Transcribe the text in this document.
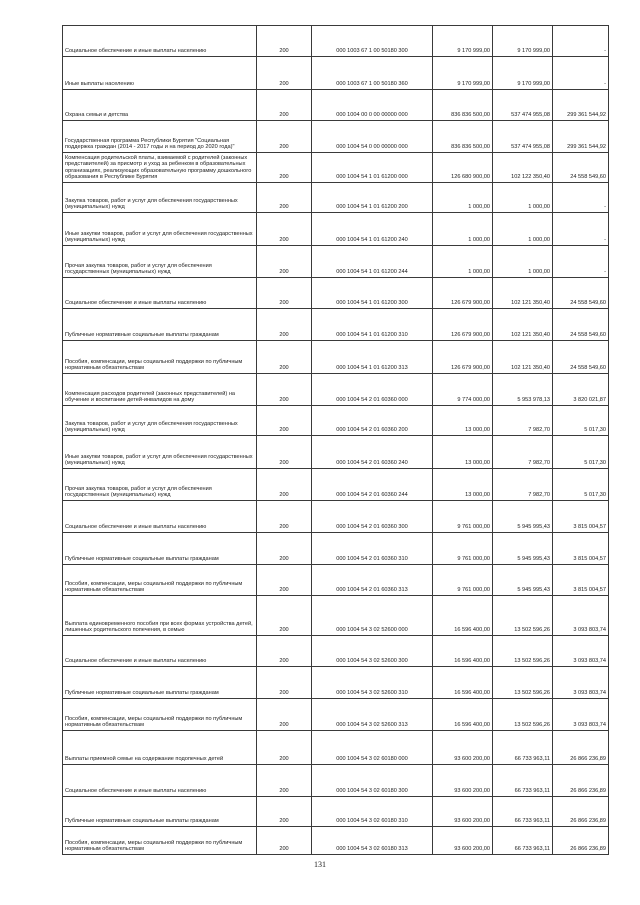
Социальное обеспечение и иные выплаты населению	200	000 1003 67 1 00 50180 300	9 170 999,00	9 170 999,00	-
Иные выплаты населению	200	000 1003 67 1 00 50180 360	9 170 999,00	9 170 999,00	-
Охрана семьи и детства	200	000 1004 00 0 00 00000 000	836 836 500,00	537 474 955,08	299 361 544,92
Государственная программа Республики Бурятия "Социальная поддержка граждан (2014 - 2017 годы и на период до 2020 года)"	200	000 1004 54 0 00 00000 000	836 836 500,00	537 474 955,08	299 361 544,92
Компенсация родительской платы, взимаемой с родителей (законных представителей) за присмотр и уход за ребенком в образовательных организациях, реализующих образовательную программу дошкольного образования в Республике Бурятия	200	000 1004 54 1 01 61200 000	126 680 900,00	102 122 350,40	24 558 549,60
Закупка товаров, работ и услуг для обеспечения государственных (муниципальных) нужд	200	000 1004 54 1 01 61200 200	1 000,00	1 000,00	-
Иные закупки товаров, работ и услуг для обеспечения государственных (муниципальных) нужд	200	000 1004 54 1 01 61200 240	1 000,00	1 000,00	-
Прочая закупка товаров, работ и услуг для обеспечения государственных (муниципальных) нужд	200	000 1004 54 1 01 61200 244	1 000,00	1 000,00	-
Социальное обеспечение и иные выплаты населению	200	000 1004 54 1 01 61200 300	126 679 900,00	102 121 350,40	24 558 549,60
Публичные нормативные социальные выплаты гражданам	200	000 1004 54 1 01 61200 310	126 679 900,00	102 121 350,40	24 558 549,60
Пособия, компенсации, меры социальной поддержки по публичным нормативным обязательствам	200	000 1004 54 1 01 61200 313	126 679 900,00	102 121 350,40	24 558 549,60
Компенсация расходов родителей (законных представителей) на обучение и воспитание детей-инвалидов на дому	200	000 1004 54 2 01 60360 000	9 774 000,00	5 953 978,13	3 820 021,87
Закупка товаров, работ и услуг для обеспечения государственных (муниципальных) нужд	200	000 1004 54 2 01 60360 200	13 000,00	7 982,70	5 017,30
Иные закупки товаров, работ и услуг для обеспечения государственных (муниципальных) нужд	200	000 1004 54 2 01 60360 240	13 000,00	7 982,70	5 017,30
Прочая закупка товаров, работ и услуг для обеспечения государственных (муниципальных) нужд	200	000 1004 54 2 01 60360 244	13 000,00	7 982,70	5 017,30
Социальное обеспечение и иные выплаты населению	200	000 1004 54 2 01 60360 300	9 761 000,00	5 945 995,43	3 815 004,57
Публичные нормативные социальные выплаты гражданам	200	000 1004 54 2 01 60360 310	9 761 000,00	5 945 995,43	3 815 004,57
Пособия, компенсации, меры социальной поддержки по публичным нормативным обязательствам	200	000 1004 54 2 01 60360 313	9 761 000,00	5 945 995,43	3 815 004,57
Выплата единовременного пособия при всех формах устройства детей, лишенных родительского попечения, в семью	200	000 1004 54 3 02 52600 000	16 596 400,00	13 502 596,26	3 093 803,74
Социальное обеспечение и иные выплаты населению	200	000 1004 54 3 02 52600 300	16 596 400,00	13 502 596,26	3 093 803,74
Публичные нормативные социальные выплаты гражданам	200	000 1004 54 3 02 52600 310	16 596 400,00	13 502 596,26	3 093 803,74
Пособия, компенсации, меры социальной поддержки по публичным нормативным обязательствам	200	000 1004 54 3 02 52600 313	16 596 400,00	13 502 596,26	3 093 803,74
Выплаты приемной семье на содержание подопечных детей	200	000 1004 54 3 02 60180 000	93 600 200,00	66 733 963,11	26 866 236,89
Социальное обеспечение и иные выплаты населению	200	000 1004 54 3 02 60180 300	93 600 200,00	66 733 963,11	26 866 236,89
Публичные нормативные социальные выплаты гражданам	200	000 1004 54 3 02 60180 310	93 600 200,00	66 733 963,11	26 866 236,89
Пособия, компенсации, меры социальной поддержки по публичным нормативным обязательствам	200	000 1004 54 3 02 60180 313	93 600 200,00	66 733 963,11	26 866 236,89
131
